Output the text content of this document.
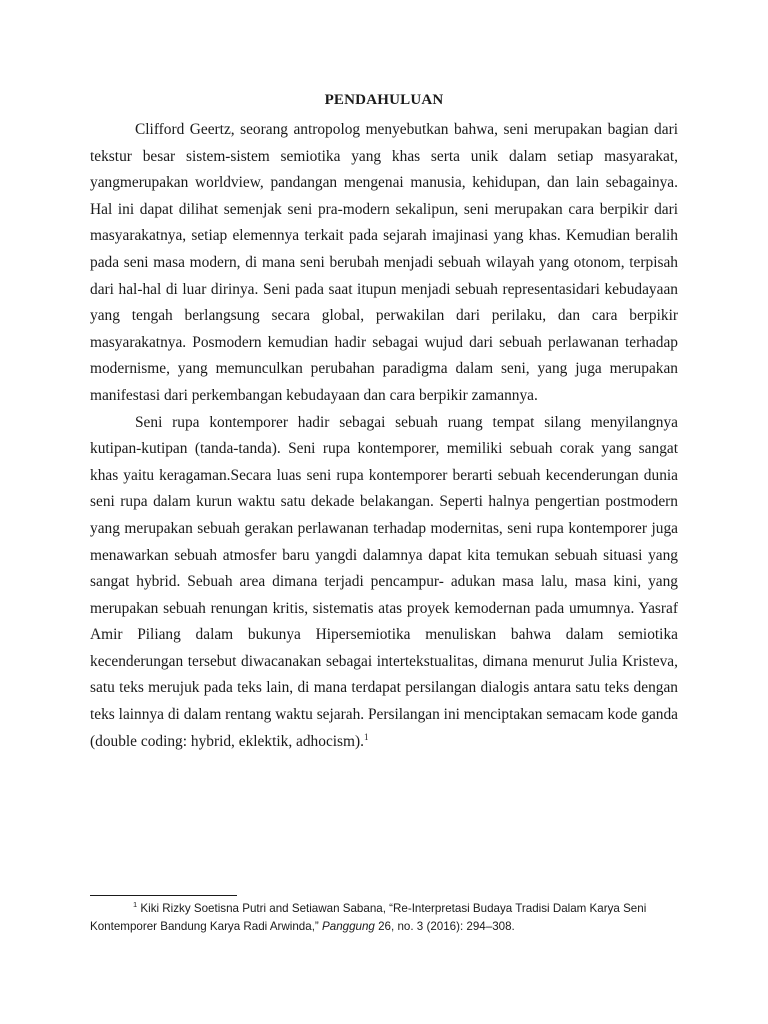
PENDAHULUAN

Clifford Geertz, seorang antropolog menyebutkan bahwa, seni merupakan bagian dari tekstur besar sistem-sistem semiotika yang khas serta unik dalam setiap masyarakat, yangmerupakan worldview, pandangan mengenai manusia, kehidupan, dan lain sebagainya. Hal ini dapat dilihat semenjak seni pra-modern sekalipun, seni merupakan cara berpikir dari masyarakatnya, setiap elemennya terkait pada sejarah imajinasi yang khas. Kemudian beralih pada seni masa modern, di mana seni berubah menjadi sebuah wilayah yang otonom, terpisah dari hal-hal di luar dirinya. Seni pada saat itupun menjadi sebuah representasidari kebudayaan yang tengah berlangsung secara global, perwakilan dari perilaku, dan cara berpikir masyarakatnya. Posmodern kemudian hadir sebagai wujud dari sebuah perlawanan terhadap modernisme, yang memunculkan perubahan paradigma dalam seni, yang juga merupakan manifestasi dari perkembangan kebudayaan dan cara berpikir zamannya.

Seni rupa kontemporer hadir sebagai sebuah ruang tempat silang menyilangnya kutipan-kutipan (tanda-tanda). Seni rupa kontemporer, memiliki sebuah corak yang sangat khas yaitu keragaman.Secara luas seni rupa kontemporer berarti sebuah kecenderungan dunia seni rupa dalam kurun waktu satu dekade belakangan. Seperti halnya pengertian postmodern yang merupakan sebuah gerakan perlawanan terhadap modernitas, seni rupa kontemporer juga menawarkan sebuah atmosfer baru yangdi dalamnya dapat kita temukan sebuah situasi yang sangat hybrid. Sebuah area dimana terjadi pencampur- adukan masa lalu, masa kini, yang merupakan sebuah renungan kritis, sistematis atas proyek kemodernan pada umumnya. Yasraf Amir Piliang dalam bukunya Hipersemiotika menuliskan bahwa dalam semiotika kecenderungan tersebut diwacanakan sebagai intertekstualitas, dimana menurut Julia Kristeva, satu teks merujuk pada teks lain, di mana terdapat persilangan dialogis antara satu teks dengan teks lainnya di dalam rentang waktu sejarah. Persilangan ini menciptakan semacam kode ganda (double coding: hybrid, eklektik, adhocism).$^1$

$^1$ Kiki Rizky Soetisna Putri and Setiawan Sabana, “Re-Interpretasi Budaya Tradisi Dalam Karya Seni
Kontemporer Bandung Karya Radi Arwinda,” Panggung 26, no. 3 (2016): 294–308.
